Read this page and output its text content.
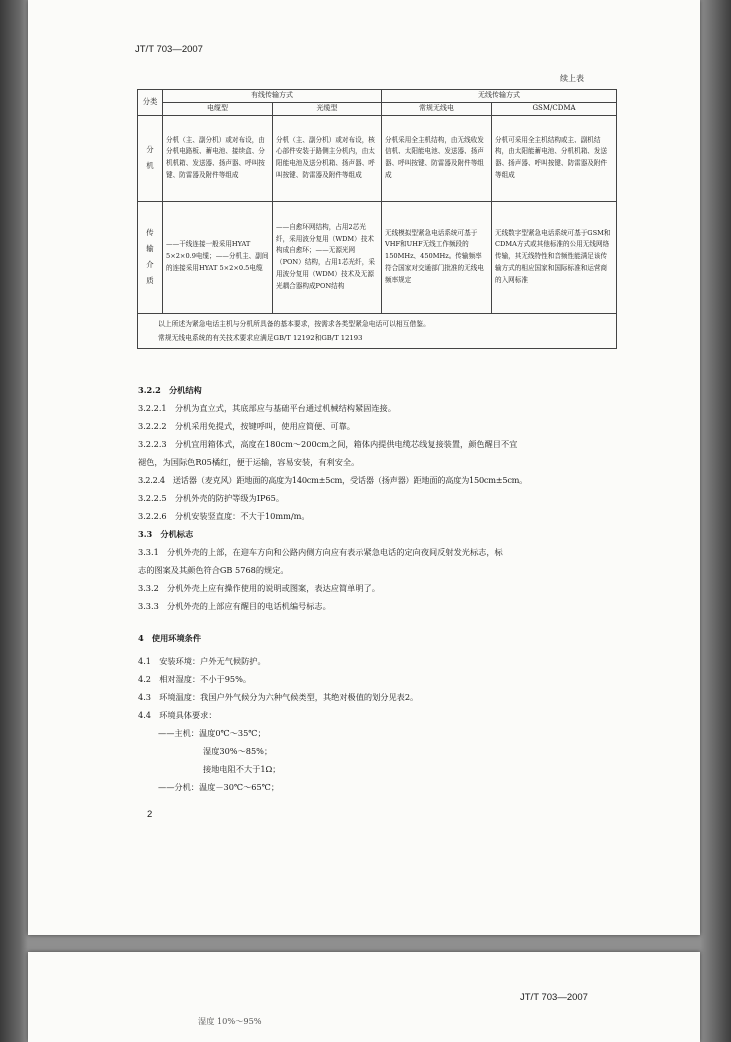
JT/T 703—2007
续上表
分类	有线传输方式		无线传输方式	
	电缆型	光缆型	常规无线电	GSM/CDMA
分机	分机（主、副分机）或对布设，由分机电路板、蓄电池、接续盒、分机机箱、发送器、扬声器、呼叫按键、防雷器及附件等组成	分机（主、副分机）或对布设，核心部件安装于路侧主分机内，由太阳能电池及送分机箱、扬声器、呼叫按键、防雷器及附件等组成	分机采用全主机结构，由无线收发信机、太阳能电池、发送器、扬声器、呼叫按键、防雷器及附件等组成	分机可采用全主机结构或主、副机结构，由太阳能蓄电池、分机机箱、发送器、扬声器、呼叫按键、防雷器及附件等组成
传输介质	——干线连接一般采用HYAT 5×2×0.9电缆；——分机主、副间的连接采用HYAT 5×2×0.5电缆	——自愈环网结构，占用2芯光纤，采用波分复用（WDM）技术构成自愈环；——无源光网（PON）结构，占用1芯光纤，采用波分复用（WDM）技术及无源光耦合器构成PON结构	无线模拟型紧急电话系统可基于VHF和UHF无线工作频段的150MHz、450MHz。传输频率符合国家对交通部门批准的无线电频率规定	无线数字型紧急电话系统可基于GSM和CDMA方式或其他标准的公用无线网络传输，其无线特性和音频性能满足该传输方式的相应国家和国际标准和运营商的入网标准

以上所述为紧急电话主机与分机所具备的基本要求，按需求各类型紧急电话可以相互借鉴。
常规无线电系统的有关技术要求应满足GB/T 12192和GB/T 12193				
3.2.2　分机结构
3.2.2.1　分机为直立式，其底部应与基础平台通过机械结构紧固连接。
3.2.2.2　分机采用免提式，按键呼叫，使用应简便、可靠。
3.2.2.3　分机宜用箱体式，高度在180cm～200cm之间，箱体内提供电缆芯线复接装置，颜色醒目不宜
褪色，为国际色R05橘红，便于运输，容易安装，有利安全。
3.2.2.4　送话器（麦克风）距地面的高度为140cm±5cm，受话器（扬声器）距地面的高度为150cm±5cm。
3.2.2.5　分机外壳的防护等级为IP65。
3.2.2.6　分机安装竖直度：不大于10mm/m。
3.3　分机标志
3.3.1　分机外壳的上部，在迎车方向和公路内侧方向应有表示紧急电话的定向夜间反射发光标志，标
志的图案及其颜色符合GB 5768的规定。
3.3.2　分机外壳上应有操作使用的说明或图案，表达应简单明了。
3.3.3　分机外壳的上部应有醒目的电话机编号标志。
4　使用环境条件
4.1　安装环境：户外无气候防护。
4.2　相对湿度：不小于95%。
4.3　环境温度：我国户外气候分为六种气候类型，其绝对极值的划分见表2。
4.4　环境具体要求：
——主机：温度0℃～35℃；
湿度30%～85%；
接地电阻不大于1Ω；
——分机：温度－30℃～65℃；
2
JT/T 703—2007
湿度 10%～95%
